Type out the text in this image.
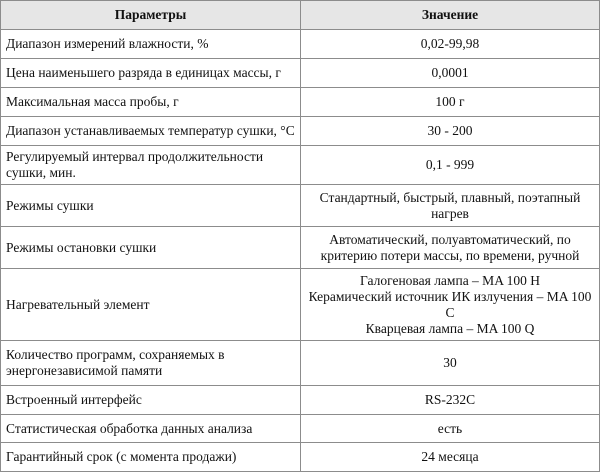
Параметры	Значение
Диапазон измерений влажности, %	0,02-99,98
Цена наименьшего разряда в единицах массы, г	0,0001
Максимальная масса пробы, г	100 г
Диапазон устанавливаемых температур сушки, °С	30 - 200
Регулируемый интервал продолжительности сушки, мин.	0,1 - 999
Режимы сушки	Стандартный, быстрый, плавный, поэтапный нагрев
Режимы остановки сушки	Автоматический, полуавтоматический, по критерию потери массы, по времени, ручной
Нагревательный элемент	Галогеновая лампа – MA 100 H
Керамический источник ИК излучения – MA 100 C
Кварцевая лампа – MA 100 Q

Количество программ, сохраняемых в энергонезависимой памяти	30
Встроенный интерфейс	RS-232C
Статистическая обработка данных анализа	есть
Гарантийный срок (с момента продажи)	24 месяца
